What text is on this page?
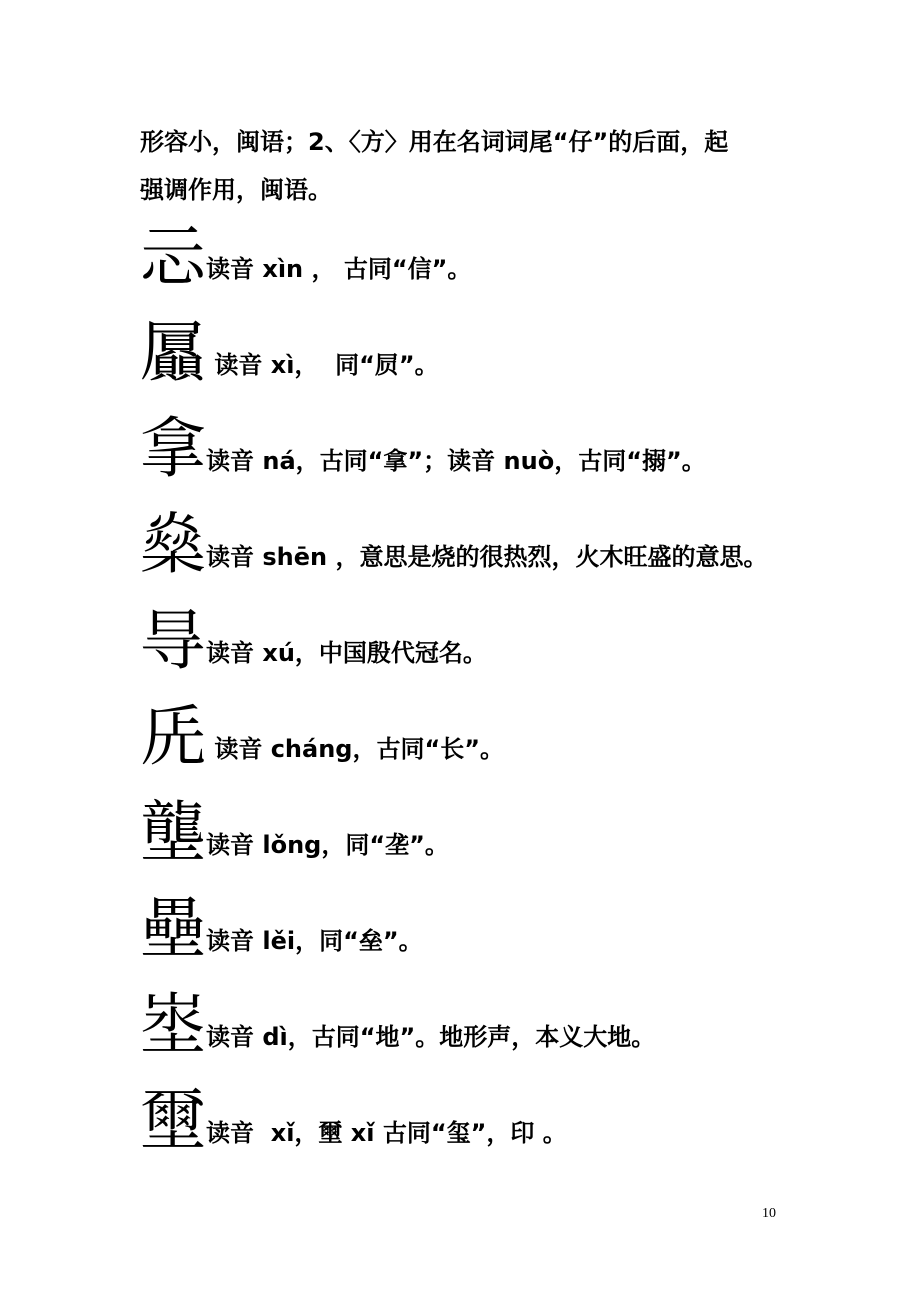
形容小，闽语；2、〈方〉用在名词词尾“仔”的后面，起
强调作用，闽语。
忈 读音 xìn ， 古同“信”。
屭 读音 xì，  同“屃”。
拿 读音 ná，古同“拿”；读音 nuò，古同“搦”。
燊 读音 shēn ，意思是烧的很热烈，火木旺盛的意思。
㝵 读音 xú，中国殷代冠名。
兏 读音 cháng，古同“长”。
壟 读音 lǒng，同“垄”。
壘 读音 lěi，同“垒”。
埊 读音 dì，古同“地”。地形声，本义大地。
壐 读音  xǐ，壐 xǐ 古同“玺”，印 。
10
